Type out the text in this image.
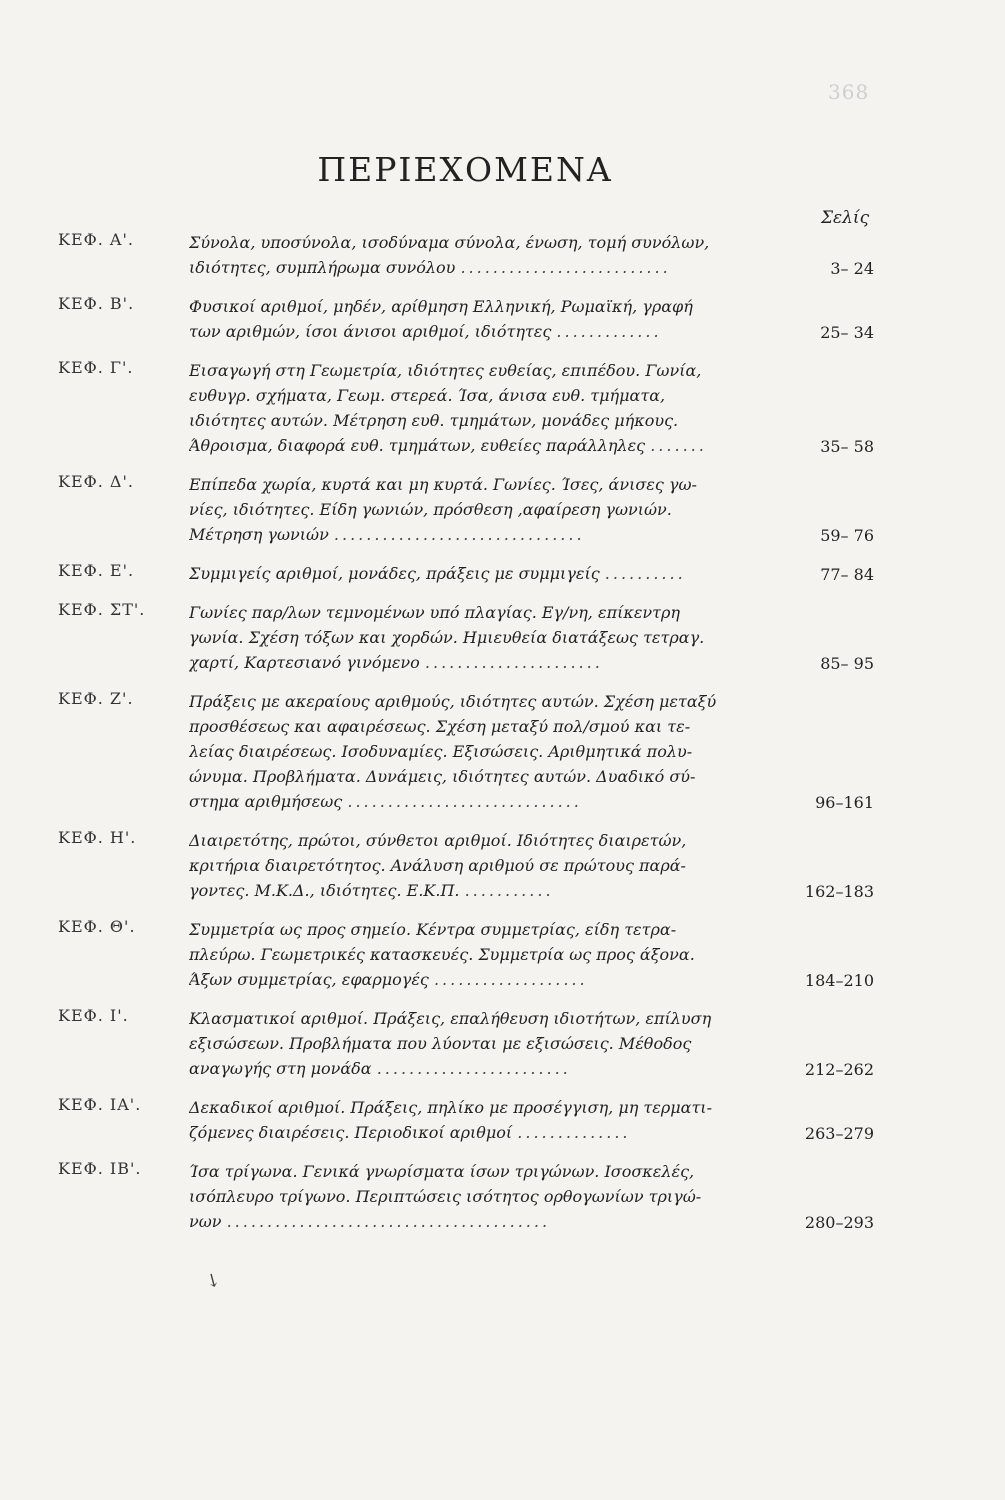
368
ΠΕΡΙΕΧΟΜΕΝΑ
Σελίς
ΚΕΦ. Α'.	Σύνολα, υποσύνολα, ισοδύναμα σύνολα, ένωση, τομή συνόλων,
ιδιότητες, συμπλήρωμα συνόλου ..........................	3– 24
ΚΕΦ. Β'.	Φυσικοί αριθμοί, μηδέν, αρίθμηση Ελληνική, Ρωμαϊκή, γραφή
των αριθμών, ίσοι άνισοι αριθμοί, ιδιότητες .............	25– 34
ΚΕΦ. Γ'.	Εισαγωγή στη Γεωμετρία, ιδιότητες ευθείας, επιπέδου. Γωνία,
ευθυγρ. σχήματα, Γεωμ. στερεά. Ίσα, άνισα ευθ. τμήματα,
ιδιότητες αυτών. Μέτρηση ευθ. τμημάτων, μονάδες μήκους.
Άθροισμα, διαφορά ευθ. τμημάτων, ευθείες παράλληλες .......	35– 58
ΚΕΦ. Δ'.	Επίπεδα χωρία, κυρτά και μη κυρτά. Γωνίες. Ίσες, άνισες γω-
νίες, ιδιότητες. Είδη γωνιών, πρόσθεση ,αφαίρεση γωνιών.
Μέτρηση γωνιών ...............................	59– 76
ΚΕΦ. Ε'.	Συμμιγείς αριθμοί, μονάδες, πράξεις με συμμιγείς ..........	77– 84
ΚΕΦ. ΣΤ'.	Γωνίες παρ/λων τεμνομένων υπό πλαγίας. Εγ/νη, επίκεντρη
γωνία. Σχέση τόξων και χορδών. Ημιευθεία διατάξεως τετραγ.
χαρτί, Καρτεσιανό γινόμενο ......................	85– 95
ΚΕΦ. Ζ'.	Πράξεις με ακεραίους αριθμούς, ιδιότητες αυτών. Σχέση μεταξύ
προσθέσεως και αφαιρέσεως. Σχέση μεταξύ πολ/σμού και τε-
λείας διαιρέσεως. Ισοδυναμίες. Εξισώσεις. Αριθμητικά πολυ-
ώνυμα. Προβλήματα. Δυνάμεις, ιδιότητες αυτών. Δυαδικό σύ-
στημα αριθμήσεως .............................	96–161
ΚΕΦ. Η'.	Διαιρετότης, πρώτοι, σύνθετοι αριθμοί. Ιδιότητες διαιρετών,
κριτήρια διαιρετότητος. Ανάλυση αριθμού σε πρώτους παρά-
γοντες. Μ.Κ.Δ., ιδιότητες. Ε.Κ.Π. ...........	162–183
ΚΕΦ. Θ'.	Συμμετρία ως προς σημείο. Κέντρα συμμετρίας, είδη τετρα-
πλεύρω. Γεωμετρικές κατασκευές. Συμμετρία ως προς άξονα.
Άξων συμμετρίας, εφαρμογές ...................	184–210
ΚΕΦ. Ι'.	Κλασματικοί αριθμοί. Πράξεις, επαλήθευση ιδιοτήτων, επίλυση
εξισώσεων. Προβλήματα που λύονται με εξισώσεις. Μέθοδος
αναγωγής στη μονάδα ........................	212–262
ΚΕΦ. ΙΑ'.	Δεκαδικοί αριθμοί. Πράξεις, πηλίκο με προσέγγιση, μη τερματι-
ζόμενες διαιρέσεις. Περιοδικοί αριθμοί ..............	263–279
ΚΕΦ. ΙΒ'.	Ίσα τρίγωνα. Γενικά γνωρίσματα ίσων τριγώνων. Ισοσκελές,
ισόπλευρο τρίγωνο. Περιπτώσεις ισότητος ορθογωνίων τριγώ-
νων ........................................	280–293
↘
